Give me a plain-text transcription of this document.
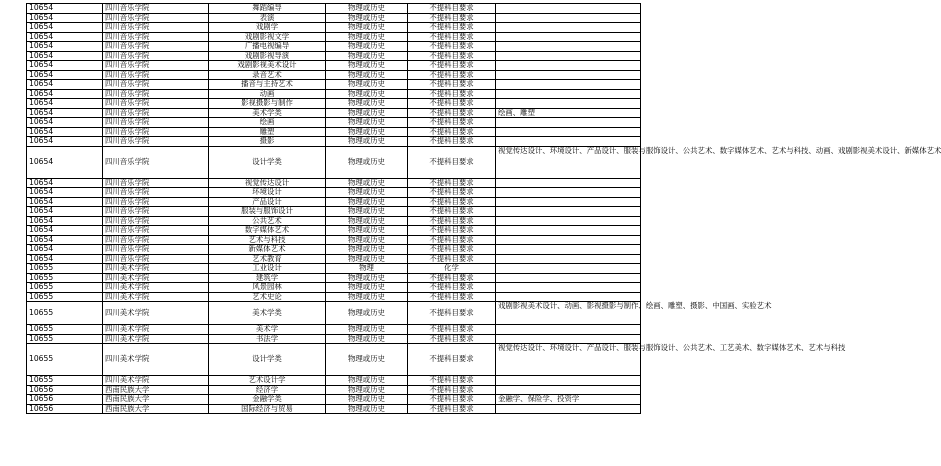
10654	四川音乐学院	舞蹈编导	物理或历史	不提科目要求	
10654	四川音乐学院	表演	物理或历史	不提科目要求	
10654	四川音乐学院	戏剧学	物理或历史	不提科目要求	
10654	四川音乐学院	戏剧影视文学	物理或历史	不提科目要求	
10654	四川音乐学院	广播电视编导	物理或历史	不提科目要求	
10654	四川音乐学院	戏剧影视导演	物理或历史	不提科目要求	
10654	四川音乐学院	戏剧影视美术设计	物理或历史	不提科目要求	
10654	四川音乐学院	录音艺术	物理或历史	不提科目要求	
10654	四川音乐学院	播音与主持艺术	物理或历史	不提科目要求	
10654	四川音乐学院	动画	物理或历史	不提科目要求	
10654	四川音乐学院	影视摄影与制作	物理或历史	不提科目要求	
10654	四川音乐学院	美术学类	物理或历史	不提科目要求	绘画、雕塑
10654	四川音乐学院	绘画	物理或历史	不提科目要求	
10654	四川音乐学院	雕塑	物理或历史	不提科目要求	
10654	四川音乐学院	摄影	物理或历史	不提科目要求	
10654	四川音乐学院	设计学类	物理或历史	不提科目要求	视觉传达设计、环境设计、产品设计、服装与服饰设计、公共艺术、数字媒体艺术、艺术与科技、动画、戏剧影视美术设计、新媒体艺术
10654	四川音乐学院	视觉传达设计	物理或历史	不提科目要求	
10654	四川音乐学院	环境设计	物理或历史	不提科目要求	
10654	四川音乐学院	产品设计	物理或历史	不提科目要求	
10654	四川音乐学院	服装与服饰设计	物理或历史	不提科目要求	
10654	四川音乐学院	公共艺术	物理或历史	不提科目要求	
10654	四川音乐学院	数字媒体艺术	物理或历史	不提科目要求	
10654	四川音乐学院	艺术与科技	物理或历史	不提科目要求	
10654	四川音乐学院	新媒体艺术	物理或历史	不提科目要求	
10654	四川音乐学院	艺术教育	物理或历史	不提科目要求	
10655	四川美术学院	工业设计	物理	化学	
10655	四川美术学院	建筑学	物理或历史	不提科目要求	
10655	四川美术学院	风景园林	物理或历史	不提科目要求	
10655	四川美术学院	艺术史论	物理或历史	不提科目要求	
10655	四川美术学院	美术学类	物理或历史	不提科目要求	戏剧影视美术设计、动画、影视摄影与制作、绘画、雕塑、摄影、中国画、实验艺术
10655	四川美术学院	美术学	物理或历史	不提科目要求	
10655	四川美术学院	书法学	物理或历史	不提科目要求	
10655	四川美术学院	设计学类	物理或历史	不提科目要求	视觉传达设计、环境设计、产品设计、服装与服饰设计、公共艺术、工艺美术、数字媒体艺术、艺术与科技
10655	四川美术学院	艺术设计学	物理或历史	不提科目要求	
10656	西南民族大学	经济学	物理或历史	不提科目要求	
10656	西南民族大学	金融学类	物理或历史	不提科目要求	金融学、保险学、投资学
10656	西南民族大学	国际经济与贸易	物理或历史	不提科目要求	
